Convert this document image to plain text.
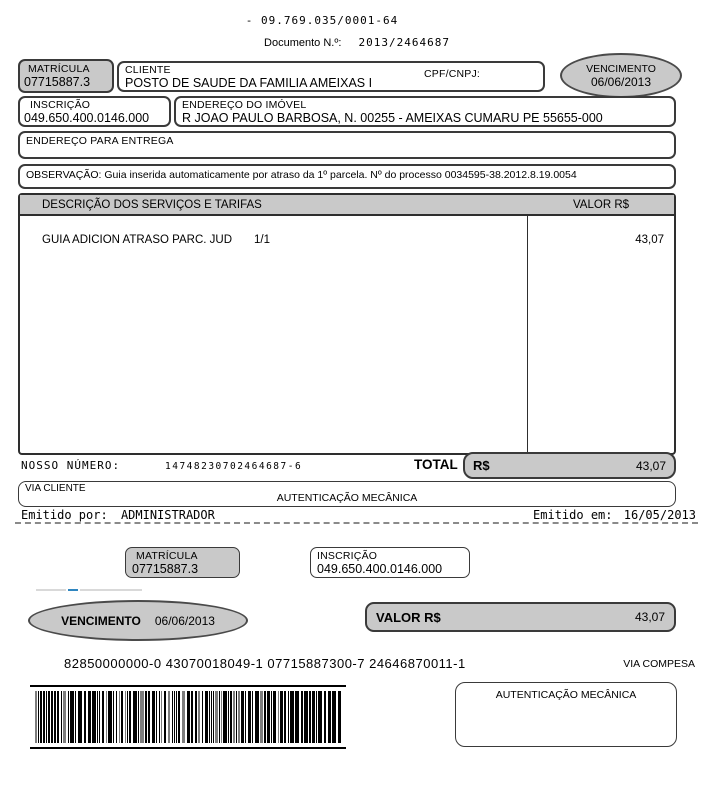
- 09.769.035/0001-64
Documento N.º: 2013/2464687
MATRÍCULA
07715887.3
CLIENTE	CPF/CNPJ:
POSTO DE SAUDE DA FAMILIA AMEIXAS I
VENCIMENTO
06/06/2013
INSCRIÇÃO
049.650.400.0146.000
ENDEREÇO DO IMÓVEL
R JOAO PAULO BARBOSA, N. 00255 - AMEIXAS CUMARU PE 55655-000
ENDEREÇO PARA ENTREGA
OBSERVAÇÃO: Guia inserida automaticamente por atraso da 1º parcela. Nº do processo 0034595-38.2012.8.19.0054
DESCRIÇÃO DOS SERVIÇOS E TARIFAS	VALOR R$
GUIA ADICION ATRASO PARC. JUD 1/1	43,07
NOSSO NÚMERO:	14748230702464687-6	TOTAL R$	43,07
VIA CLIENTE
AUTENTICAÇÃO MECÂNICA
Emitido por: ADMINISTRADOR	Emitido em: 16/05/2013
MATRÍCULA
07715887.3
INSCRIÇÃO
049.650.400.0146.000
VENCIMENTO 06/06/2013	VALOR R$	43,07
82850000000-0 43070018049-1 07715887300-7 24646870011-1	VIA COMPESA
AUTENTICAÇÃO MECÂNICA
